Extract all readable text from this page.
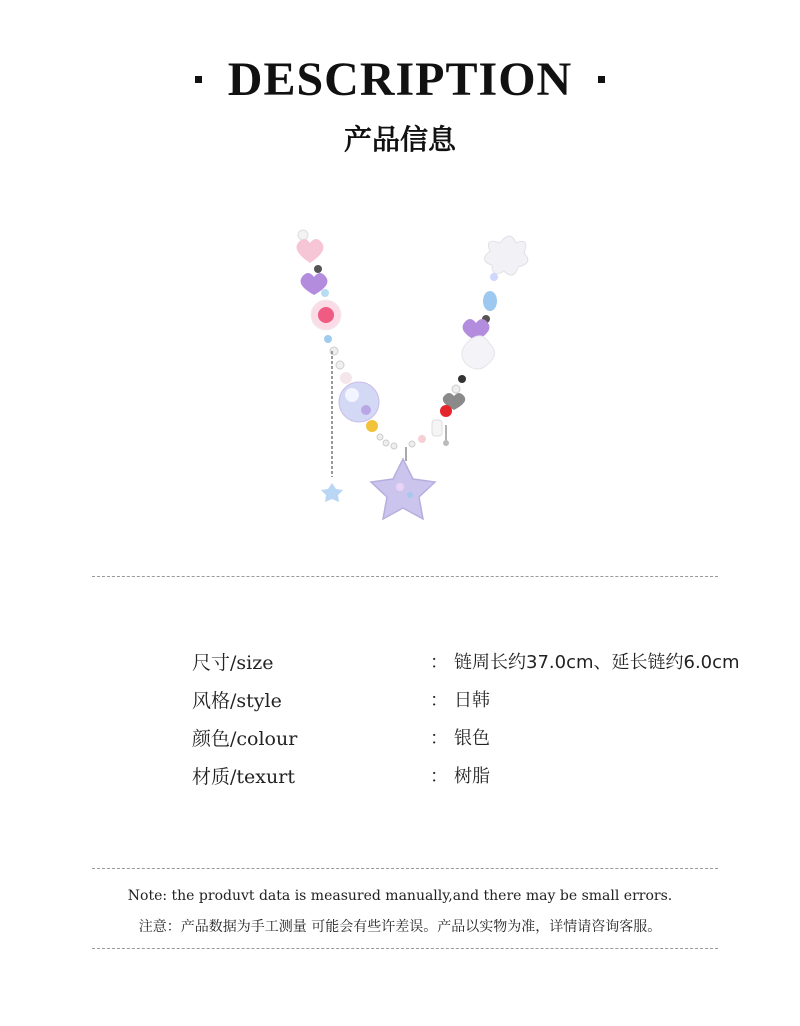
DESCRIPTION
产品信息
尺寸/size	： 链周长约37.0cm、延长链约6.0cm
风格/style	： 日韩
颜色/colour	： 银色
材质/texurt	： 树脂
Note: the produvt data is measured manually,and there may be small errors.
注意：产品数据为手工测量 可能会有些许差误。产品以实物为准，详情请咨询客服。
